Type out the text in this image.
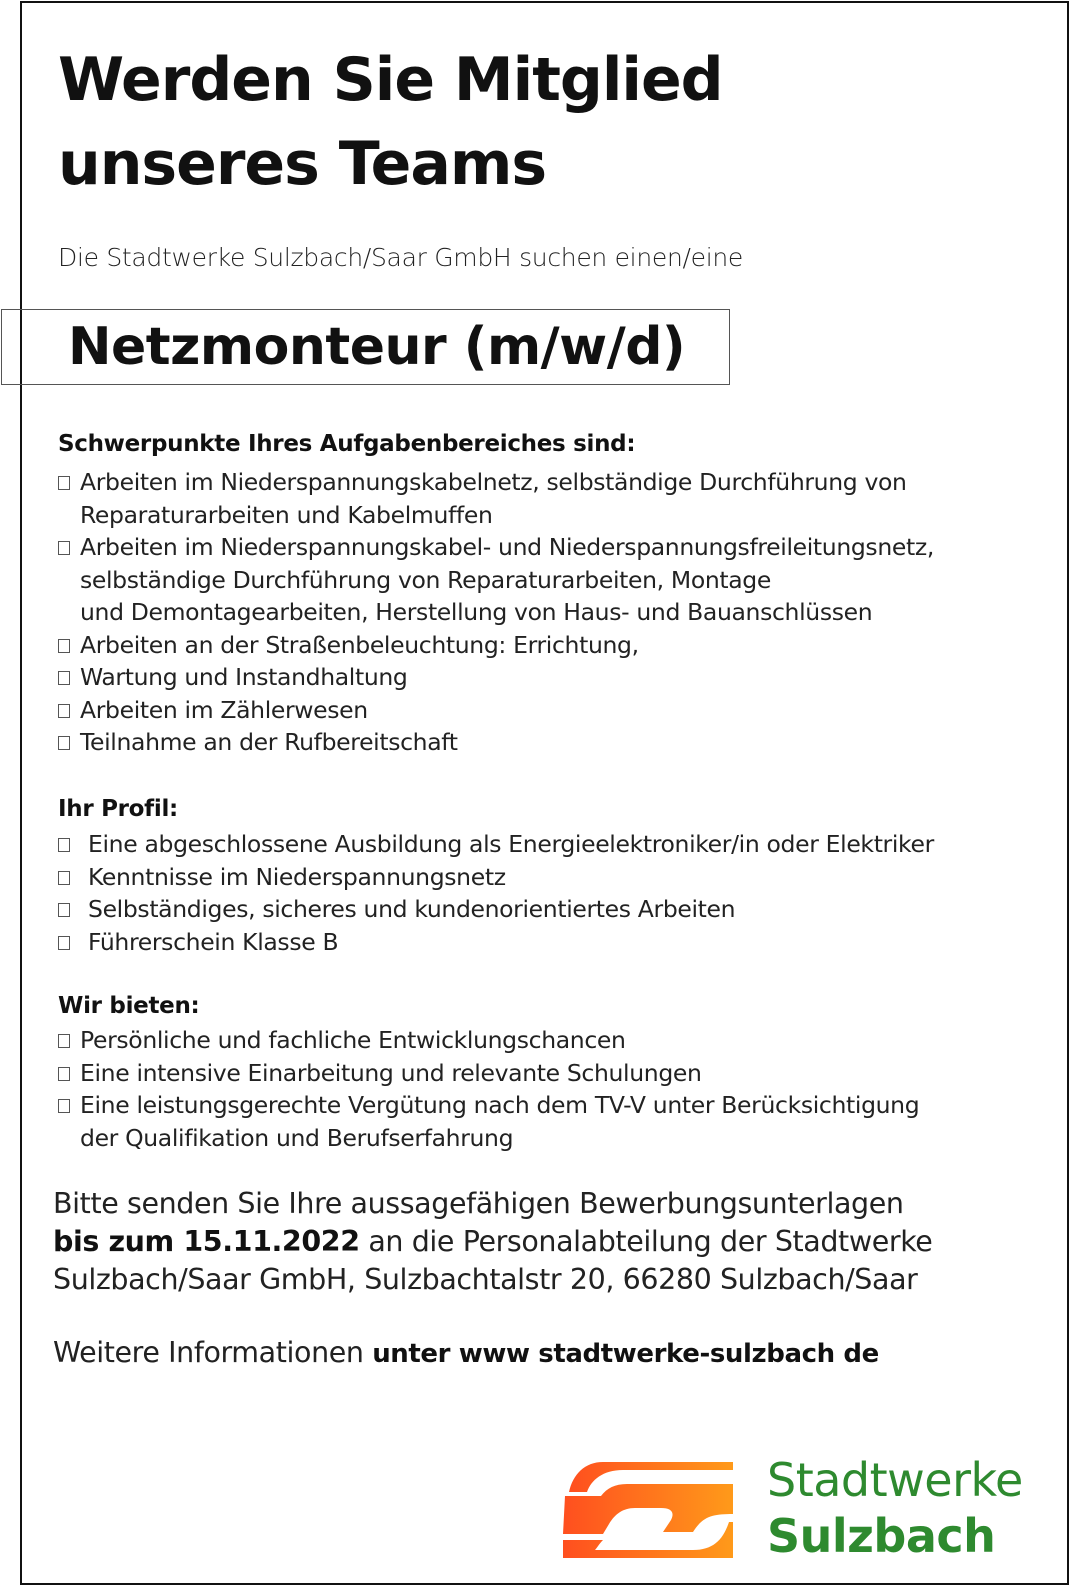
Werden Sie Mitglied
unseres Teams
Die Stadtwerke Sulzbach/Saar GmbH suchen einen/eine
Netzmonteur (m/w/d)
Schwerpunkte Ihres Aufgabenbereiches sind:
Arbeiten im Niederspannungskabelnetz, selbständige Durchführung von
Reparaturarbeiten und Kabelmuffen
Arbeiten im Niederspannungskabel- und Niederspannungsfreileitungsnetz,
selbständige Durchführung von Reparaturarbeiten, Montage
und Demontagearbeiten, Herstellung von Haus- und Bauanschlüssen
Arbeiten an der Straßenbeleuchtung: Errichtung,
Wartung und Instandhaltung
Arbeiten im Zählerwesen
Teilnahme an der Rufbereitschaft
Ihr Profil:
Eine abgeschlossene Ausbildung als Energieelektroniker/in oder Elektriker
Kenntnisse im Niederspannungsnetz
Selbständiges, sicheres und kundenorientiertes Arbeiten
Führerschein Klasse B
Wir bieten:
Persönliche und fachliche Entwicklungschancen
Eine intensive Einarbeitung und relevante Schulungen
Eine leistungsgerechte Vergütung nach dem TV-V unter Berücksichtigung
der Qualifikation und Berufserfahrung

Bitte senden Sie Ihre aussagefähigen Bewerbungsunterlagen
bis zum 15.11.2022 an die Personalabteilung der Stadtwerke
Sulzbach/Saar GmbH, Sulzbachtalstr 20, 66280 Sulzbach/Saar

Weitere Informationen unter www stadtwerke-sulzbach de
Stadtwerke
Sulzbach
